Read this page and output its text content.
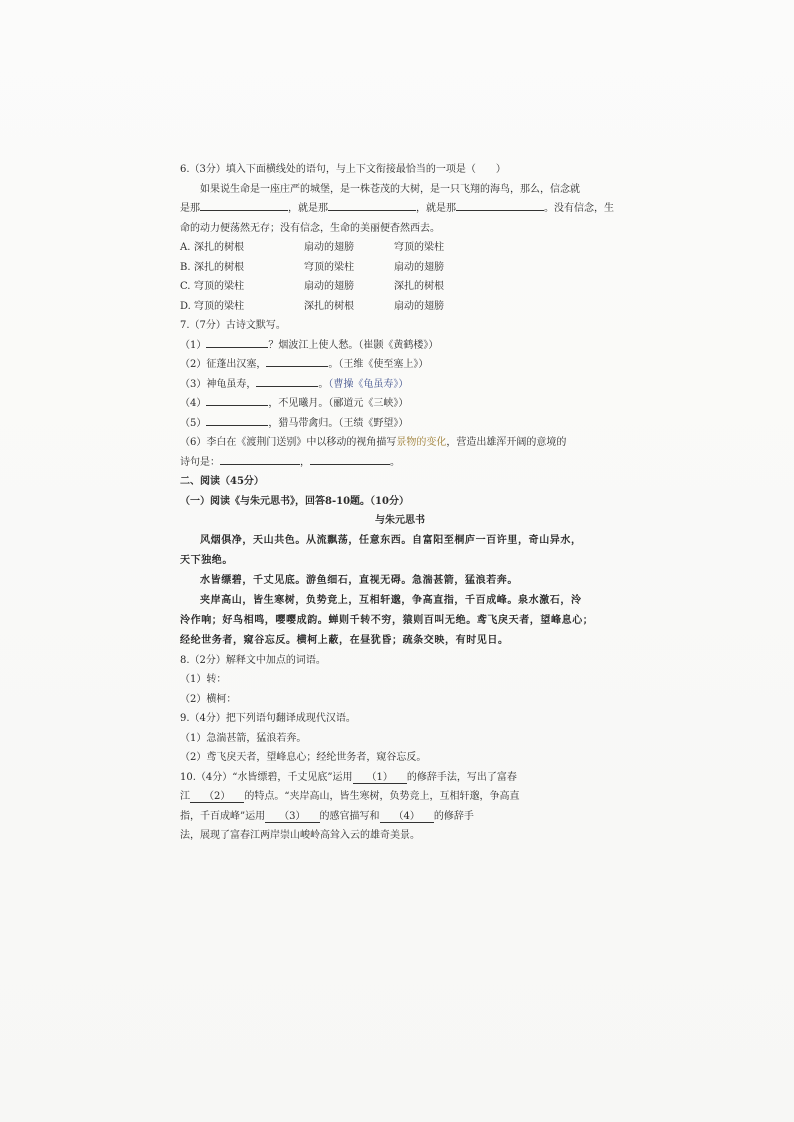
6.（3分）填入下面横线处的语句，与上下文衔接最恰当的一项是（　　）
如果说生命是一座庄严的城堡，是一株苍茂的大树，是一只飞翔的海鸟，那么，信念就
是那	，就是那	，就是那	。没有信念，生
命的动力便荡然无存；没有信念，生命的美丽便杳然西去。
A. 深扎的树根	扇动的翅膀	穹顶的梁柱
B. 深扎的树根	穹顶的梁柱	扇动的翅膀
C. 穹顶的梁柱	扇动的翅膀	深扎的树根
D. 穹顶的梁柱	深扎的树根	扇动的翅膀
7.（7分）古诗文默写。
（1）	？烟波江上使人愁。（崔颢《黄鹤楼》）
（2）征蓬出汉塞，	。（王维《使至塞上》）
（3）神龟虽寿，	。（曹操《龟虽寿》）
（4）	，不见曦月。（郦道元《三峡》）
（5）	，猎马带禽归。（王绩《野望》）
（6）李白在《渡荆门送别》中以移动的视角描写景物的变化，营造出雄浑开阔的意境的
诗句是：	，	。
二、阅读（45分）
（一）阅读《与朱元思书》，回答8-10题。（10分）
与朱元思书
风烟俱净，天山共色。从流飘荡，任意东西。自富阳至桐庐一百许里，奇山异水，
天下独绝。
水皆缥碧，千丈见底。游鱼细石，直视无碍。急湍甚箭，猛浪若奔。
夹岸高山，皆生寒树，负势竞上，互相轩邈，争高直指，千百成峰。泉水激石，泠
泠作响；好鸟相鸣，嘤嘤成韵。蝉则千转不穷，猿则百叫无绝。鸢飞戾天者，望峰息心；
经纶世务者，窥谷忘反。横柯上蔽，在昼犹昏；疏条交映，有时见日。
8.（2分）解释文中加点的词语。
（1）转：
（2）横柯：
9.（4分）把下列语句翻译成现代汉语。
（1）急湍甚箭，猛浪若奔。
（2）鸢飞戾天者，望峰息心；经纶世务者，窥谷忘反。
10.（4分）“水皆缥碧，千丈见底”运用 （1） 的修辞手法，写出了富春
江 （2） 的特点。“夹岸高山，皆生寒树，负势竞上，互相轩邈，争高直
指，千百成峰”运用 （3） 的感官描写和 （4） 的修辞手
法，展现了富春江两岸崇山峻岭高耸入云的雄奇美景。
